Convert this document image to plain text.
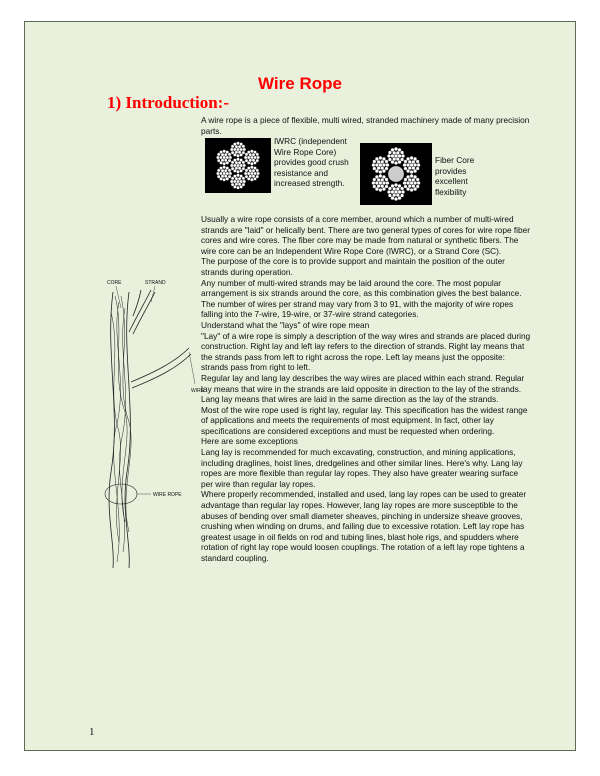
Wire Rope
1) Introduction:-

A wire rope is a piece of flexible, multi wired, stranded machinery made of many precision parts.

IWRC (independent Wire Rope Core) provides good crush resistance and increased strength.
Fiber Core provides excellent flexibility
CORE	STRAND
WIRE
WIRE ROPE

Usually a wire rope consists of a core member, around which a number of multi-wired strands are "laid" or helically bent. There are two general types of cores for wire rope fiber cores and wire cores. The fiber core may be made from natural or synthetic fibers. The wire core can be an Independent Wire Rope Core (IWRC), or a Strand Core (SC).

The purpose of the core is to provide support and maintain the position of the outer strands during operation.

Any number of multi-wired strands may be laid around the core. The most popular arrangement is six strands around the core, as this combination gives the best balance.

The number of wires per strand may vary from 3 to 91, with the majority of wire ropes falling into the 7-wire, 19-wire, or 37-wire strand categories.

Understand what the "lays" of wire rope mean

"Lay" of a wire rope is simply a description of the way wires and strands are placed during construction. Right lay and left lay refers to the direction of strands. Right lay means that the strands pass from left to right across the rope. Left lay means just the opposite: strands pass from right to left.

Regular lay and lang lay describes the way wires are placed within each strand. Regular lay means that wire in the strands are laid opposite in direction to the lay of the strands. Lang lay means that wires are laid in the same direction as the lay of the strands.

Most of the wire rope used is right lay, regular lay. This specification has the widest range of applications and meets the requirements of most equipment. In fact, other lay specifications are considered exceptions and must be requested when ordering.

Here are some exceptions

Lang lay is recommended for much excavating, construction, and mining applications, including draglines, hoist lines, dredgelines and other similar lines. Here's why. Lang lay ropes are more flexible than regular lay ropes. They also have greater wearing surface per wire than regular lay ropes.

Where properly recommended, installed and used, lang lay ropes can be used to greater advantage than regular lay ropes. However, lang lay ropes are more susceptible to the abuses of bending over small diameter sheaves, pinching in undersize sheave grooves, crushing when winding on drums, and failing due to excessive rotation. Left lay rope has greatest usage in oil fields on rod and tubing lines, blast hole rigs, and spudders where rotation of right lay rope would loosen couplings. The rotation of a left lay rope tightens a standard coupling.

1
